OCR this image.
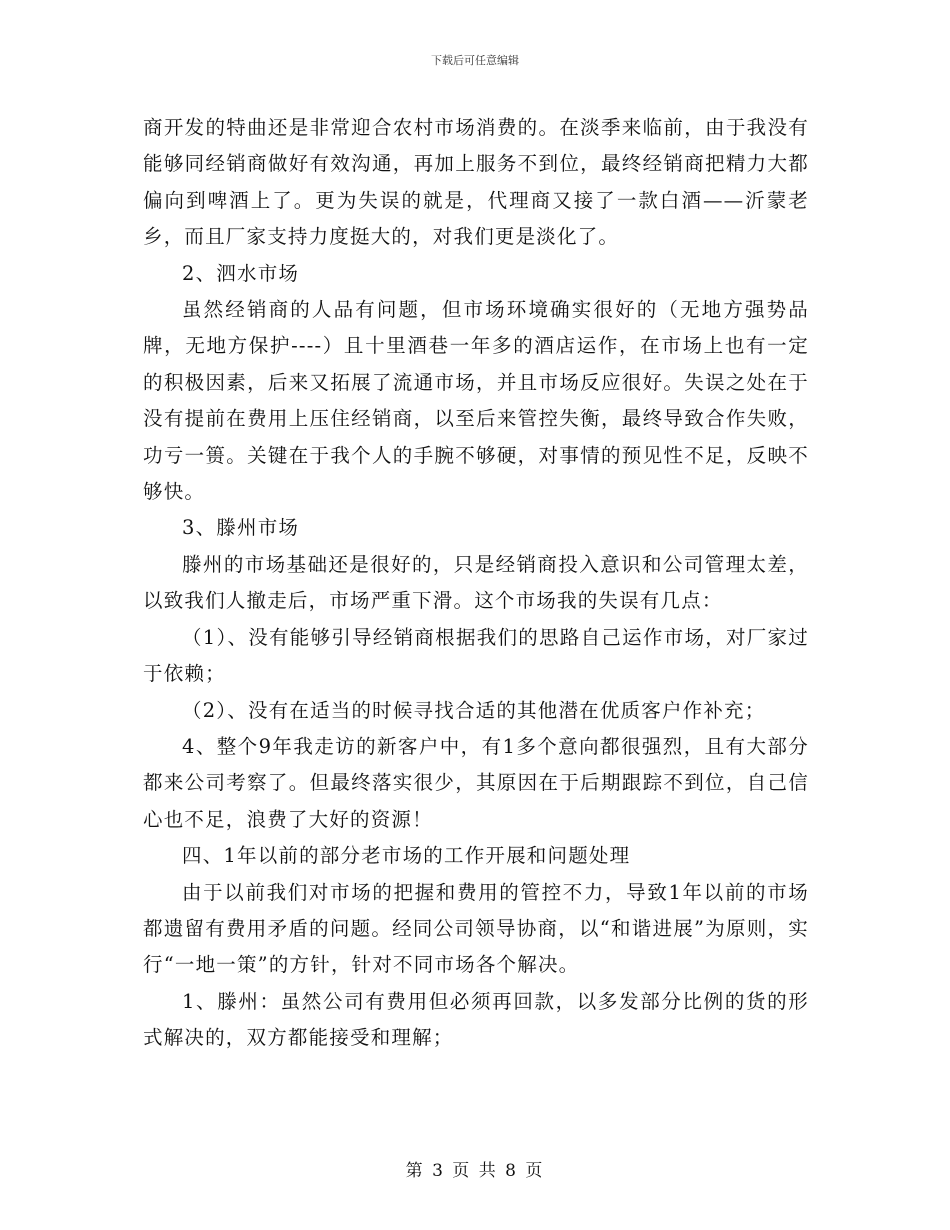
下载后可任意编辑

商开发的特曲还是非常迎合农村市场消费的。在淡季来临前，由于我没有能够同经销商做好有效沟通，再加上服务不到位，最终经销商把精力大都偏向到啤酒上了。更为失误的就是，代理商又接了一款白酒——沂蒙老乡，而且厂家支持力度挺大的，对我们更是淡化了。

2、泗水市场

虽然经销商的人品有问题，但市场环境确实很好的（无地方强势品牌，无地方保护----）且十里酒巷一年多的酒店运作，在市场上也有一定的积极因素，后来又拓展了流通市场，并且市场反应很好。失误之处在于没有提前在费用上压住经销商，以至后来管控失衡，最终导致合作失败，功亏一篑。关键在于我个人的手腕不够硬，对事情的预见性不足，反映不够快。

3、滕州市场

滕州的市场基础还是很好的，只是经销商投入意识和公司管理太差，以致我们人撤走后，市场严重下滑。这个市场我的失误有几点：

（1）、没有能够引导经销商根据我们的思路自己运作市场，对厂家过于依赖；

（2）、没有在适当的时候寻找合适的其他潜在优质客户作补充；

4、整个9年我走访的新客户中，有1多个意向都很强烈，且有大部分都来公司考察了。但最终落实很少，其原因在于后期跟踪不到位，自己信心也不足，浪费了大好的资源！

四、1年以前的部分老市场的工作开展和问题处理

由于以前我们对市场的把握和费用的管控不力，导致1年以前的市场都遗留有费用矛盾的问题。经同公司领导协商，以“和谐进展”为原则，实行“一地一策”的方针，针对不同市场各个解决。

1、滕州：虽然公司有费用但必须再回款，以多发部分比例的货的形式解决的，双方都能接受和理解；

第 3 页 共 8 页
